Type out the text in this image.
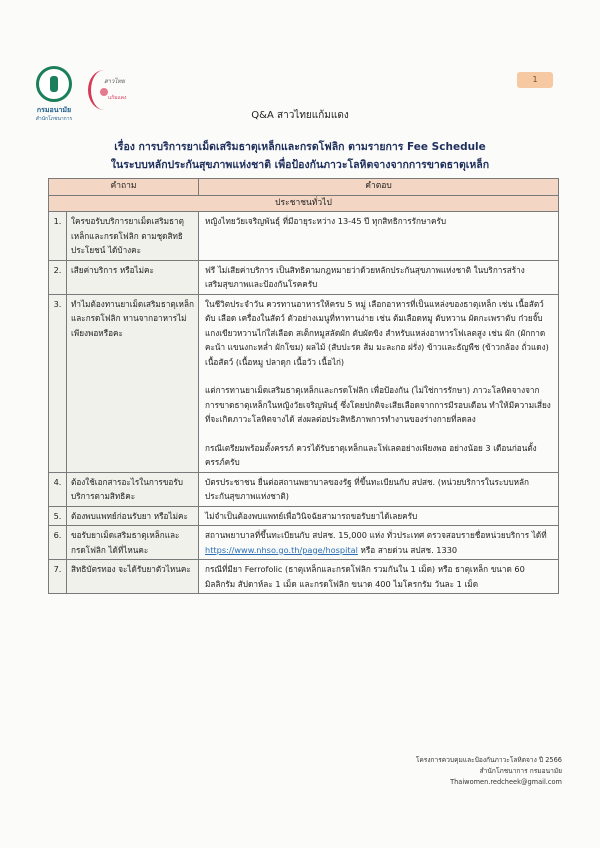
กรมอนามัย
สำนักโภชนาการ
สาวไทย
แก้มแดง
1
Q&A สาวไทยแก้มแดง
เรื่อง การบริการยาเม็ดเสริมธาตุเหล็กและกรดโฟลิก ตามรายการ Fee Schedule
ในระบบหลักประกันสุขภาพแห่งชาติ เพื่อป้องกันภาวะโลหิตจางจากการขาดธาตุเหล็ก
คำถาม		คำตอบ
ประชาชนทั่วไป		
1.	ใครขอรับบริการยาเม็ดเสริมธาตุเหล็กและกรดโฟลิก ตามชุดสิทธิประโยชน์ ได้บ้างคะ	หญิงไทยวัยเจริญพันธุ์ ที่มีอายุระหว่าง 13-45 ปี ทุกสิทธิการรักษาครับ

2.	เสียค่าบริการ หรือไม่คะ	ฟรี ไม่เสียค่าบริการ เป็นสิทธิตามกฎหมายว่าด้วยหลักประกันสุขภาพแห่งชาติ ในบริการสร้างเสริมสุขภาพและป้องกันโรคครับ

3.	ทำไมต้องทานยาเม็ดเสริมธาตุเหล็กและกรดโฟลิก ทานจากอาหารไม่เพียงพอหรือคะ	ในชีวิตประจำวัน ควรทานอาหารให้ครบ 5 หมู่ เลือกอาหารที่เป็นแหล่งของธาตุเหล็ก เช่น เนื้อสัตว์ ตับ เลือด เครื่องในสัตว์ ตัวอย่างเมนูที่หาทานง่าย เช่น ต้มเลือดหมู ตับหวาน ผัดกะเพราตับ ก๋วยจั๊บ แกงเขียวหวานไก่ใส่เลือด สเต็กหมูสลัดผัก ตับผัดขิง สำหรับแหล่งอาหารโฟเลตสูง เช่น ผัก (ผักกาด คะน้า แขนงกะหล่ำ ผักโขม) ผลไม้ (สับปะรด ส้ม มะละกอ ฝรั่ง) ข้าวและธัญพืช (ข้าวกล้อง ถั่วแดง) เนื้อสัตว์ (เนื้อหมู ปลาดุก เนื้อวัว เนื้อไก่)

แต่การทานยาเม็ดเสริมธาตุเหล็กและกรดโฟลิก เพื่อป้องกัน (ไม่ใช่การรักษา) ภาวะโลหิตจางจากการขาดธาตุเหล็กในหญิงวัยเจริญพันธุ์ ซึ่งโดยปกติจะเสียเลือดจากการมีรอบเดือน ทำให้มีความเสี่ยงที่จะเกิดภาวะโลหิตจางได้ ส่งผลต่อประสิทธิภาพการทำงานของร่างกายที่ลดลง

กรณีเตรียมพร้อมตั้งครรภ์ ควรได้รับธาตุเหล็กและโฟเลตอย่างเพียงพอ อย่างน้อย 3 เดือนก่อนตั้งครรภ์ครับ

4.	ต้องใช้เอกสารอะไรในการขอรับบริการตามสิทธิคะ	บัตรประชาชน ยื่นต่อสถานพยาบาลของรัฐ ที่ขึ้นทะเบียนกับ สปสช. (หน่วยบริการในระบบหลักประกันสุขภาพแห่งชาติ)

5.	ต้องพบแพทย์ก่อนรับยา หรือไม่คะ	ไม่จำเป็นต้องพบแพทย์เพื่อวินิจฉัยสามารถขอรับยาได้เลยครับ

6.	ขอรับยาเม็ดเสริมธาตุเหล็กและกรดโฟลิก ได้ที่ไหนคะ	สถานพยาบาลที่ขึ้นทะเบียนกับ สปสช. 15,000 แห่ง ทั่วประเทศ ตรวจสอบรายชื่อหน่วยบริการ ได้ที่ https://www.nhso.go.th/page/hospital หรือ สายด่วน สปสช. 1330

7.	สิทธิบัตรทอง จะได้รับยาตัวไหนคะ	กรณีที่มียา Ferrofolic (ธาตุเหล็กและกรดโฟลิก รวมกันใน 1 เม็ด) หรือ ธาตุเหล็ก ขนาด 60 มิลลิกรัม สัปดาห์ละ 1 เม็ด และกรดโฟลิก ขนาด 400 ไมโครกรัม วันละ 1 เม็ด

โครงการควบคุมและป้องกันภาวะโลหิตจาง ปี 2566
สำนักโภชนาการ กรมอนามัย
Thaiwomen.redcheek@gmail.com
